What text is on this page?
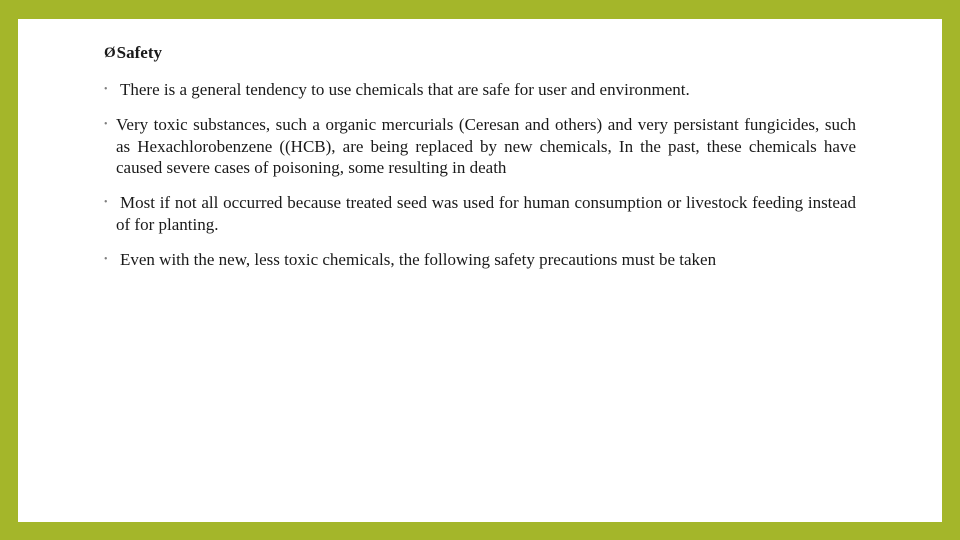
Ø Safety
• There is a general tendency to use chemicals that are safe for user and environment.
• Very toxic substances, such a organic mercurials (Ceresan and others) and very persistant fungicides, such as Hexachlorobenzene ((HCB), are being replaced by new chemicals, In the past, these chemicals have caused severe cases of poisoning, some resulting in death
• Most if not all occurred because treated seed was used for human consumption or livestock feeding instead of for planting.
• Even with the new, less toxic chemicals, the following safety precautions must be taken
